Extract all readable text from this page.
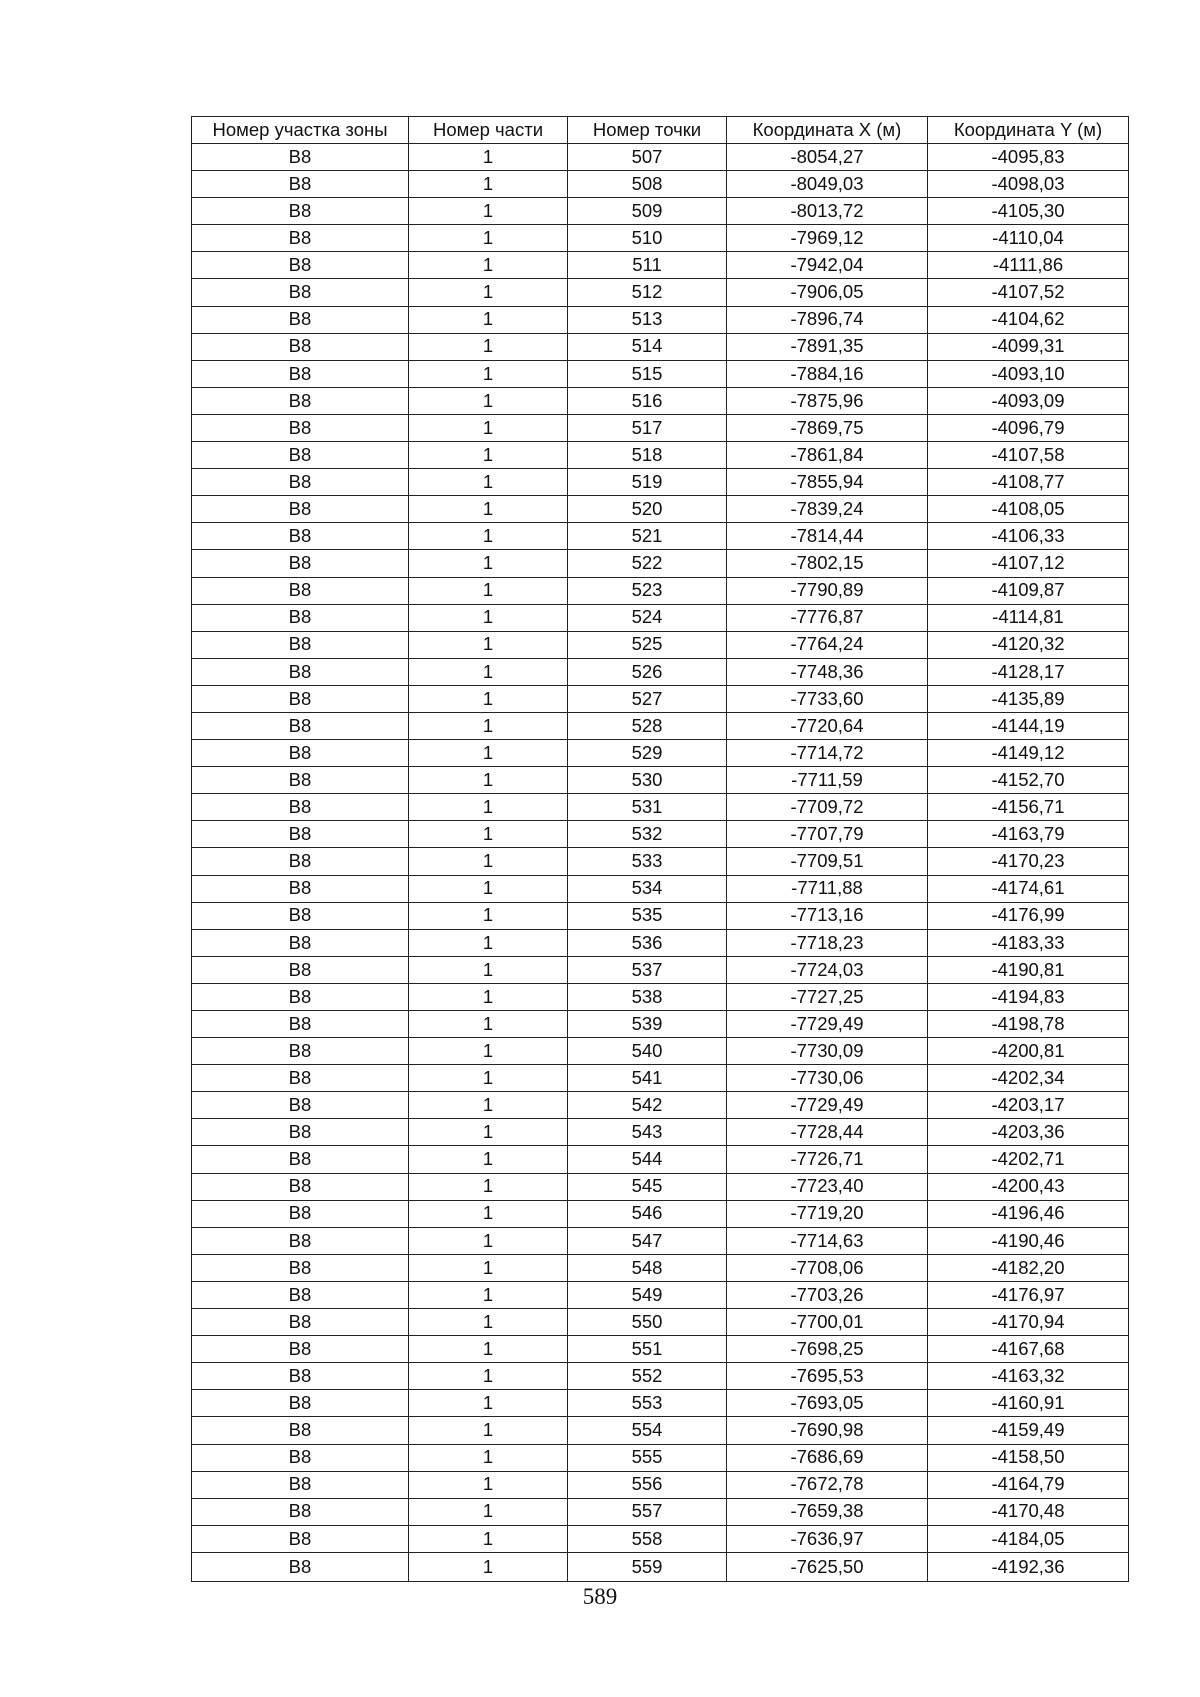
Номер участка зоны	Номер части	Номер точки	Координата X (м)	Координата Y (м)
В8	1	507	-8054,27	-4095,83
В8	1	508	-8049,03	-4098,03
В8	1	509	-8013,72	-4105,30
В8	1	510	-7969,12	-4110,04
В8	1	511	-7942,04	-4111,86
В8	1	512	-7906,05	-4107,52
В8	1	513	-7896,74	-4104,62
В8	1	514	-7891,35	-4099,31
В8	1	515	-7884,16	-4093,10
В8	1	516	-7875,96	-4093,09
В8	1	517	-7869,75	-4096,79
В8	1	518	-7861,84	-4107,58
В8	1	519	-7855,94	-4108,77
В8	1	520	-7839,24	-4108,05
В8	1	521	-7814,44	-4106,33
В8	1	522	-7802,15	-4107,12
В8	1	523	-7790,89	-4109,87
В8	1	524	-7776,87	-4114,81
В8	1	525	-7764,24	-4120,32
В8	1	526	-7748,36	-4128,17
В8	1	527	-7733,60	-4135,89
В8	1	528	-7720,64	-4144,19
В8	1	529	-7714,72	-4149,12
В8	1	530	-7711,59	-4152,70
В8	1	531	-7709,72	-4156,71
В8	1	532	-7707,79	-4163,79
В8	1	533	-7709,51	-4170,23
В8	1	534	-7711,88	-4174,61
В8	1	535	-7713,16	-4176,99
В8	1	536	-7718,23	-4183,33
В8	1	537	-7724,03	-4190,81
В8	1	538	-7727,25	-4194,83
В8	1	539	-7729,49	-4198,78
В8	1	540	-7730,09	-4200,81
В8	1	541	-7730,06	-4202,34
В8	1	542	-7729,49	-4203,17
В8	1	543	-7728,44	-4203,36
В8	1	544	-7726,71	-4202,71
В8	1	545	-7723,40	-4200,43
В8	1	546	-7719,20	-4196,46
В8	1	547	-7714,63	-4190,46
В8	1	548	-7708,06	-4182,20
В8	1	549	-7703,26	-4176,97
В8	1	550	-7700,01	-4170,94
В8	1	551	-7698,25	-4167,68
В8	1	552	-7695,53	-4163,32
В8	1	553	-7693,05	-4160,91
В8	1	554	-7690,98	-4159,49
В8	1	555	-7686,69	-4158,50
В8	1	556	-7672,78	-4164,79
В8	1	557	-7659,38	-4170,48
В8	1	558	-7636,97	-4184,05
В8	1	559	-7625,50	-4192,36
589
